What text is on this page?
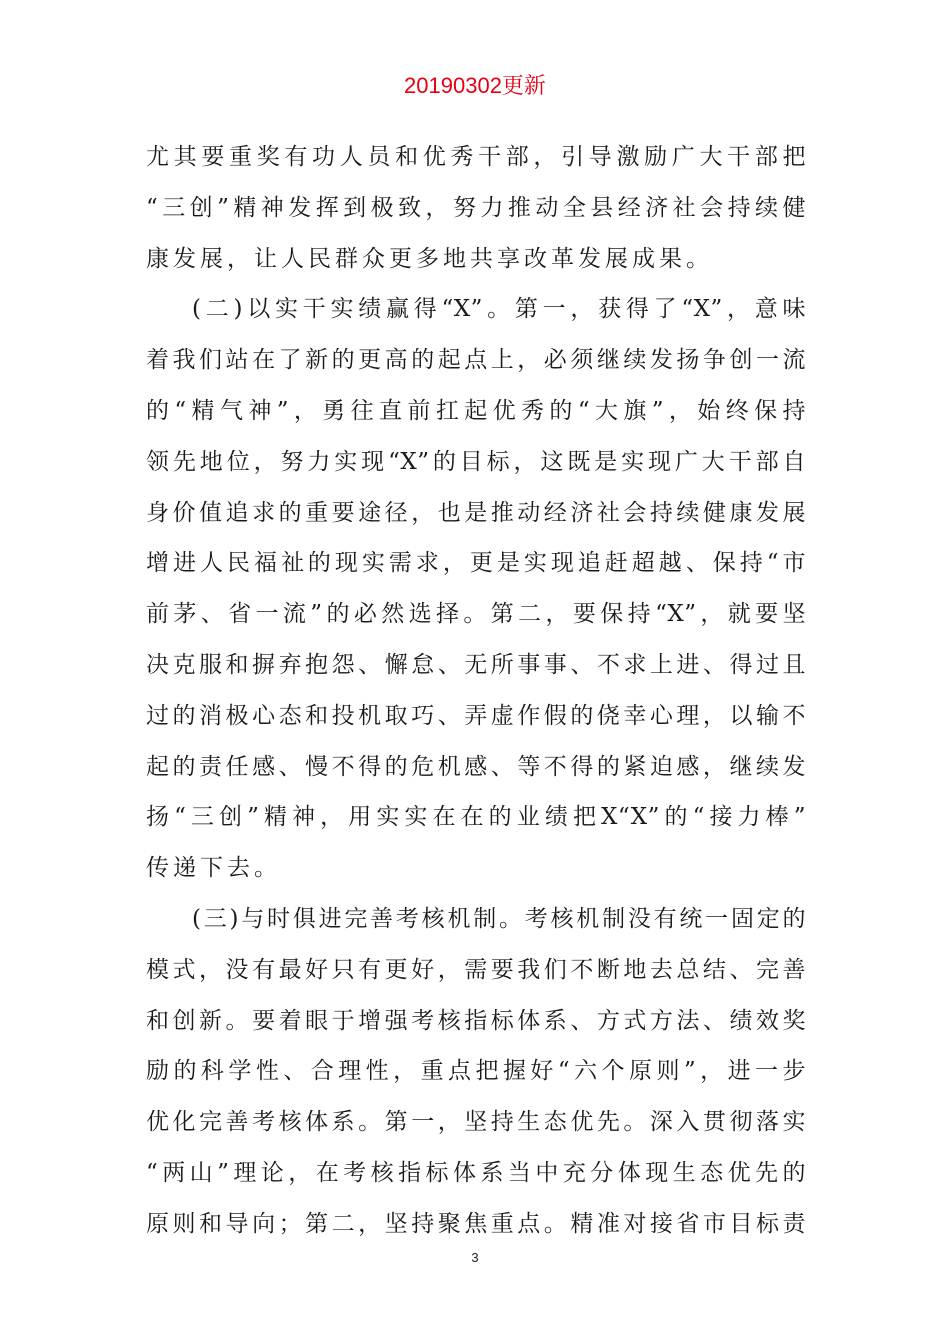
20190302更新
尤其要重奖有功人员和优秀干部，引导激励广大干部把
“三创”精神发挥到极致，努力推动全县经济社会持续健
康发展，让人民群众更多地共享改革发展成果。
(二)以实干实绩赢得“X”。第一，获得了“X”，意味
着我们站在了新的更高的起点上，必须继续发扬争创一流
的“精气神”，勇往直前扛起优秀的“大旗”，始终保持
领先地位，努力实现“X”的目标，这既是实现广大干部自
身价值追求的重要途径，也是推动经济社会持续健康发展
增进人民福祉的现实需求，更是实现追赶超越、保持“市
前茅、省一流”的必然选择。第二，要保持“X”，就要坚
决克服和摒弃抱怨、懈怠、无所事事、不求上进、得过且
过的消极心态和投机取巧、弄虚作假的侥幸心理，以输不
起的责任感、慢不得的危机感、等不得的紧迫感，继续发
扬“三创”精神，用实实在在的业绩把X“X”的“接力棒”
传递下去。
(三)与时俱进完善考核机制。考核机制没有统一固定的
模式，没有最好只有更好，需要我们不断地去总结、完善
和创新。要着眼于增强考核指标体系、方式方法、绩效奖
励的科学性、合理性，重点把握好“六个原则”，进一步
优化完善考核体系。第一，坚持生态优先。深入贯彻落实
“两山”理论，在考核指标体系当中充分体现生态优先的
原则和导向；第二，坚持聚焦重点。精准对接省市目标责
3
